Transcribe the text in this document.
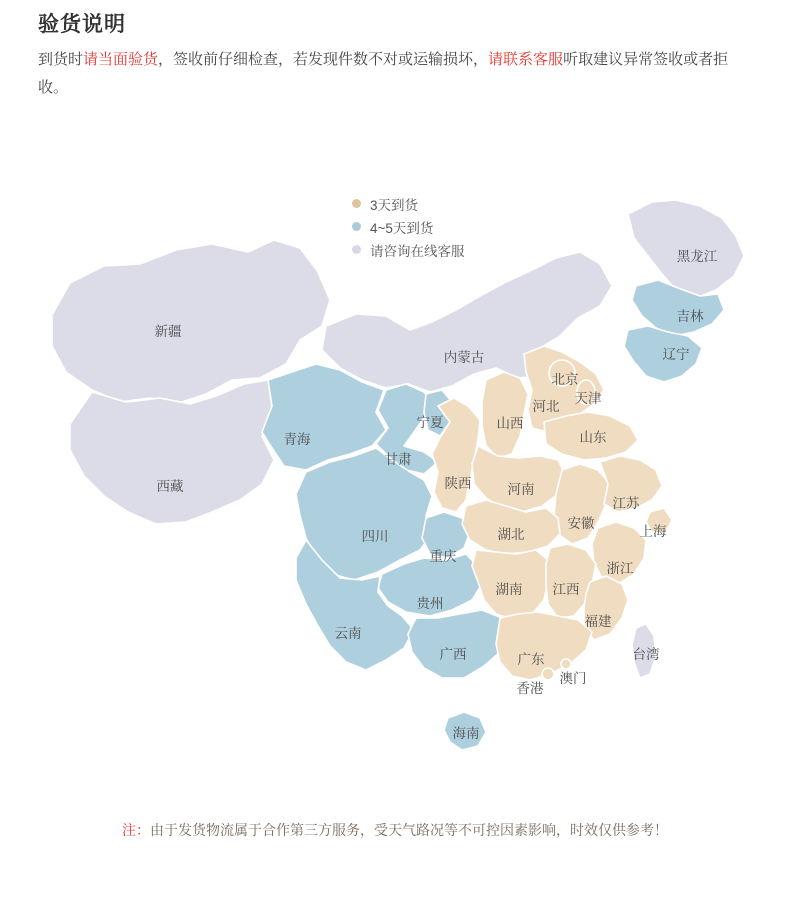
验货说明
到货时请当面验货，签收前仔细检查，若发现件数不对或运输损坏，请联系客服听取建议异常签收或者拒收。
3天到货
4~5天到货
请咨询在线客服	黑龙江
吉林
辽宁
新疆
内蒙古
北京
天津
河北
宁夏	山西
山东
青海
甘肃
陕西	河南
江苏
西藏
安徽
上海
湖北
四川
重庆
浙江
湖南 江西
贵州
福建
云南
台湾
广西	广东
澳门
香港
海南
注：由于发货物流属于合作第三方服务，受天气路况等不可控因素影响，时效仅供参考！
